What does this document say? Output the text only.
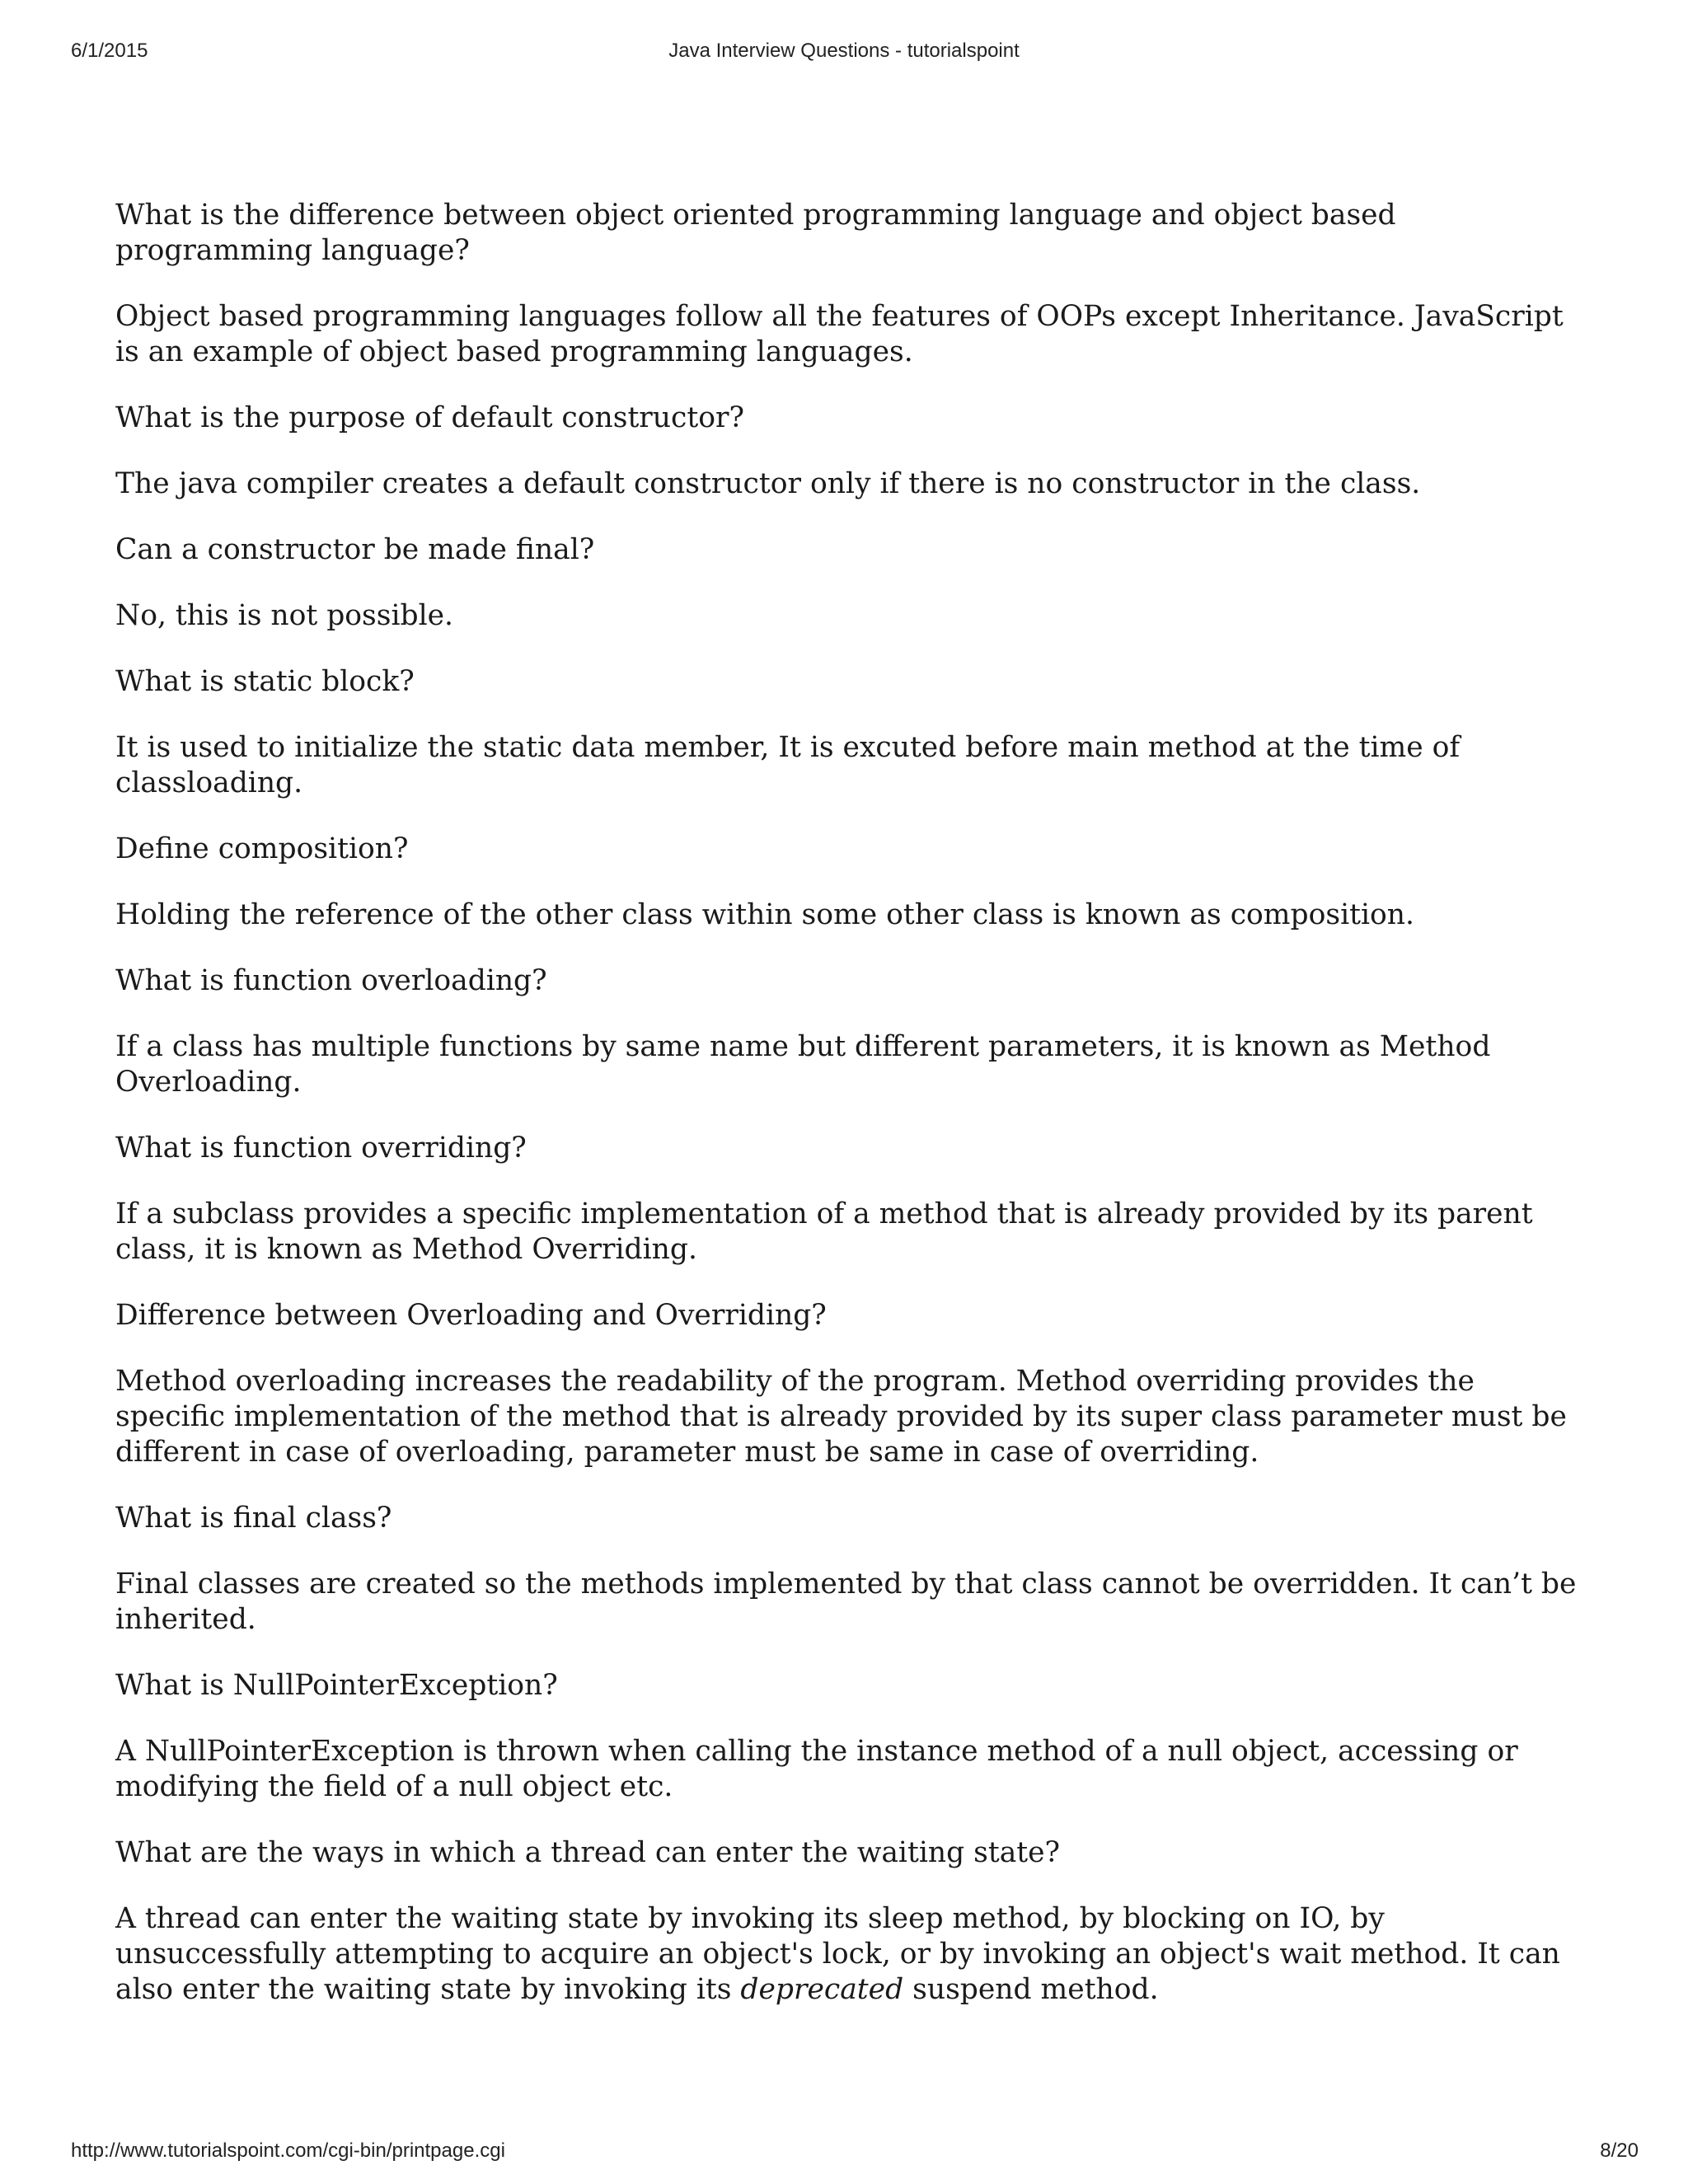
Java Interview Questions - tutorialspoint
6/1/2015

What is the difference between object oriented programming language and object based programming language?

Object based programming languages follow all the features of OOPs except Inheritance. JavaScript is an example of object based programming languages.

What is the purpose of default constructor?

The java compiler creates a default constructor only if there is no constructor in the class.

Can a constructor be made final?

No, this is not possible.

What is static block?

It is used to initialize the static data member, It is excuted before main method at the time of classloading.

Define composition?

Holding the reference of the other class within some other class is known as composition.

What is function overloading?

If a class has multiple functions by same name but different parameters, it is known as Method Overloading.

What is function overriding?

If a subclass provides a specific implementation of a method that is already provided by its parent class, it is known as Method Overriding.

Difference between Overloading and Overriding?

Method overloading increases the readability of the program. Method overriding provides the specific implementation of the method that is already provided by its super class parameter must be different in case of overloading, parameter must be same in case of overriding.

What is final class?

Final classes are created so the methods implemented by that class cannot be overridden. It can’t be inherited.

What is NullPointerException?

A NullPointerException is thrown when calling the instance method of a null object, accessing or modifying the field of a null object etc.

What are the ways in which a thread can enter the waiting state?

A thread can enter the waiting state by invoking its sleep method, by blocking on IO, by unsuccessfully attempting to acquire an object's lock, or by invoking an object's wait method. It can also enter the waiting state by invoking its deprecated suspend method.

http://www.tutorialspoint.com/cgi-bin/printpage.cgi	8/20
